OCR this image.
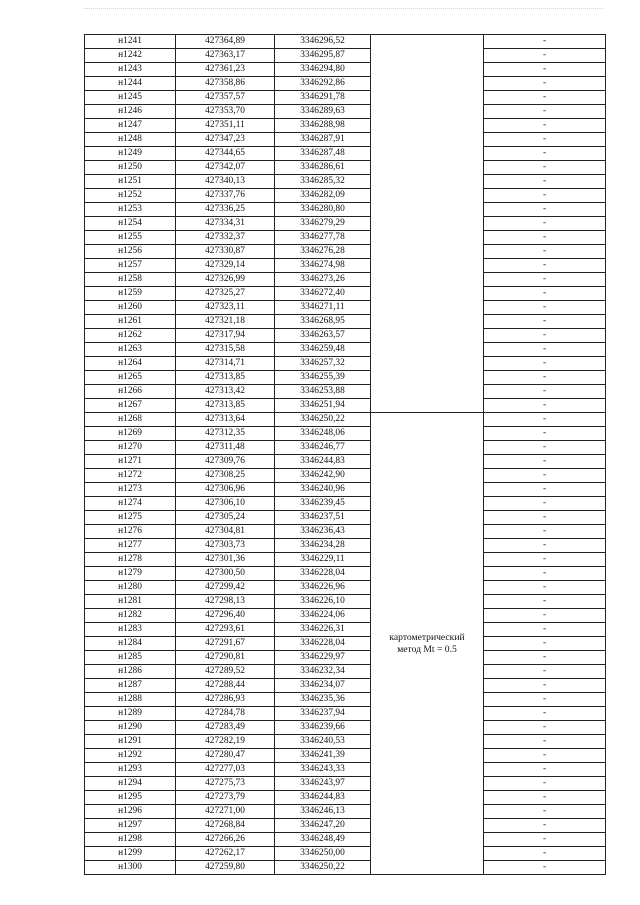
н1241	427364,89	3346296,52		-
н1242	427363,17	3346295,87		-
н1243	427361,23	3346294,80		-
н1244	427358,86	3346292,86		-
н1245	427357,57	3346291,78		-
н1246	427353,70	3346289,63		-
н1247	427351,11	3346288,98		-
н1248	427347,23	3346287,91		-
н1249	427344,65	3346287,48		-
н1250	427342,07	3346286,61		-
н1251	427340,13	3346285,32		-
н1252	427337,76	3346282,09		-
н1253	427336,25	3346280,80		-
н1254	427334,31	3346279,29		-
н1255	427332,37	3346277,78		-
н1256	427330,87	3346276,28		-
н1257	427329,14	3346274,98		-
н1258	427326,99	3346273,26		-
н1259	427325,27	3346272,40		-
н1260	427323,11	3346271,11		-
н1261	427321,18	3346268,95		-
н1262	427317,94	3346263,57		-
н1263	427315,58	3346259,48		-
н1264	427314,71	3346257,32		-
н1265	427313,85	3346255,39		-
н1266	427313,42	3346253,88		-
н1267	427313,85	3346251,94		-
н1268	427313,64	3346250,22	картометрический метод Mt = 0.5	-
н1269	427312,35	3346248,06		-
н1270	427311,48	3346246,77		-
н1271	427309,76	3346244,83		-
н1272	427308,25	3346242,90		-
н1273	427306,96	3346240,96		-
н1274	427306,10	3346239,45		-
н1275	427305,24	3346237,51		-
н1276	427304,81	3346236,43		-
н1277	427303,73	3346234,28		-
н1278	427301,36	3346229,11		-
н1279	427300,50	3346228,04		-
н1280	427299,42	3346226,96		-
н1281	427298,13	3346226,10		-
н1282	427296,40	3346224,06		-
н1283	427293,61	3346226,31		-
н1284	427291,67	3346228,04		-
н1285	427290,81	3346229,97		-
н1286	427289,52	3346232,34		-
н1287	427288,44	3346234,07		-
н1288	427286,93	3346235,36		-
н1289	427284,78	3346237,94		-
н1290	427283,49	3346239,66		-
н1291	427282,19	3346240,53		-
н1292	427280,47	3346241,39		-
н1293	427277,03	3346243,33		-
н1294	427275,73	3346243,97		-
н1295	427273,79	3346244,83		-
н1296	427271,00	3346246,13		-
н1297	427268,84	3346247,20		-
н1298	427266,26	3346248,49		-
н1299	427262,17	3346250,00		-
н1300	427259,80	3346250,22		-
